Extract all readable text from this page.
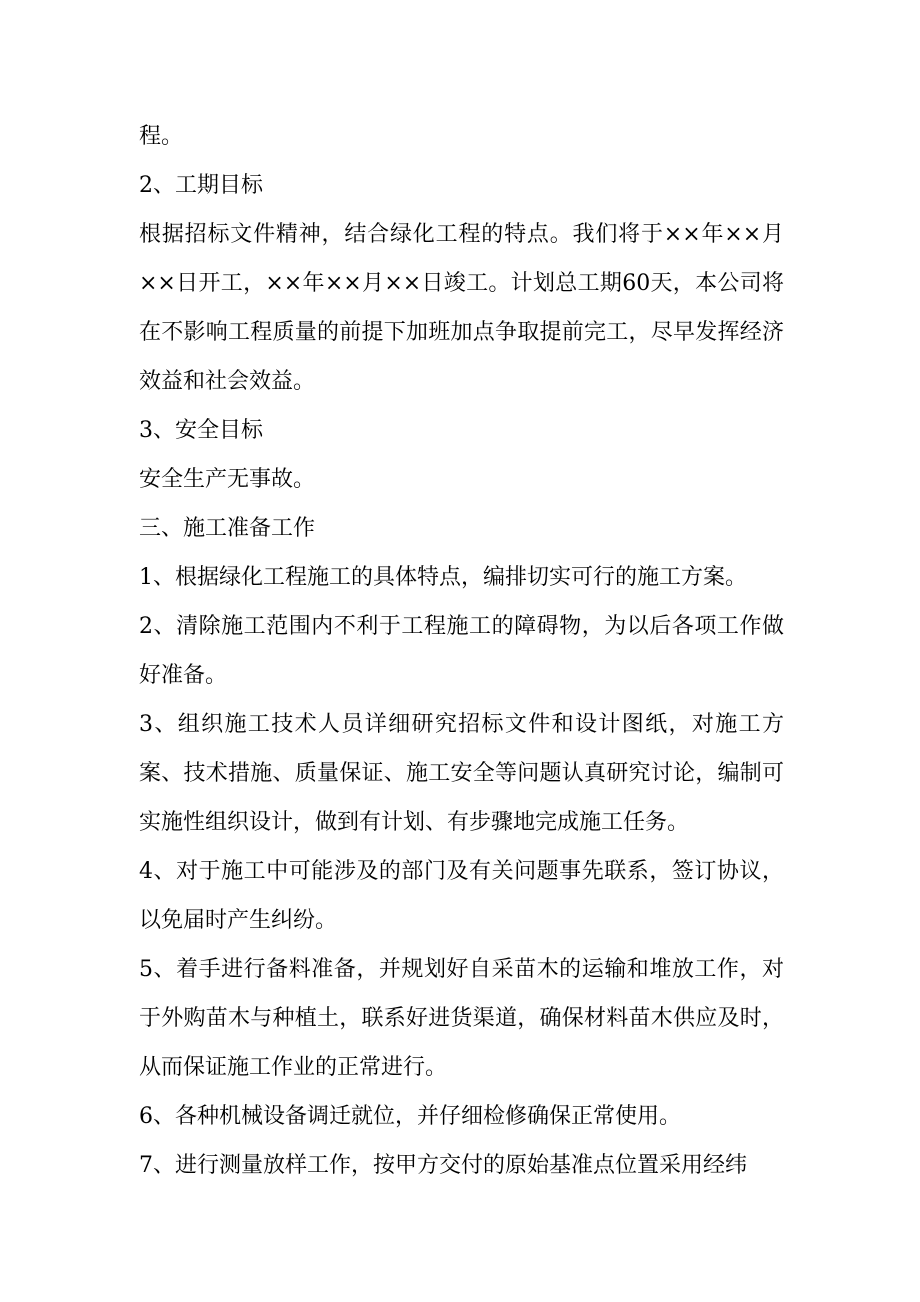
程。

2、工期目标

根据招标文件精神，结合绿化工程的特点。我们将于××年××月××日开工，××年××月××日竣工。计划总工期60天，本公司将在不影响工程质量的前提下加班加点争取提前完工，尽早发挥经济效益和社会效益。

3、安全目标

安全生产无事故。

三、施工准备工作

1、根据绿化工程施工的具体特点，编排切实可行的施工方案。

2、清除施工范围内不利于工程施工的障碍物，为以后各项工作做好准备。

3、组织施工技术人员详细研究招标文件和设计图纸，对施工方案、技术措施、质量保证、施工安全等问题认真研究讨论，编制可实施性组织设计，做到有计划、有步骤地完成施工任务。

4、对于施工中可能涉及的部门及有关问题事先联系，签订协议，以免届时产生纠纷。

5、着手进行备料准备，并规划好自采苗木的运输和堆放工作，对于外购苗木与种植土，联系好进货渠道，确保材料苗木供应及时，从而保证施工作业的正常进行。

6、各种机械设备调迁就位，并仔细检修确保正常使用。

7、进行测量放样工作，按甲方交付的原始基准点位置采用经纬
